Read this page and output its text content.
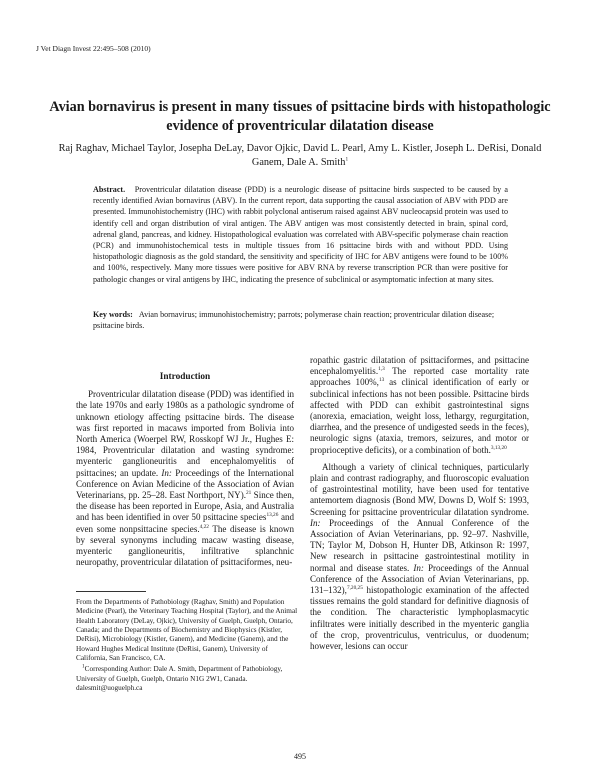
J Vet Diagn Invest 22:495–508 (2010)
Avian bornavirus is present in many tissues of psittacine birds with histopathologic evidence of proventricular dilatation disease
Raj Raghav, Michael Taylor, Josepha DeLay, Davor Ojkic, David L. Pearl, Amy L. Kistler, Joseph L. DeRisi, Donald Ganem, Dale A. Smith$^1$
Abstract. Proventricular dilatation disease (PDD) is a neurologic disease of psittacine birds suspected to be caused by a recently identified Avian bornavirus (ABV). In the current report, data supporting the causal association of ABV with PDD are presented. Immunohistochemistry (IHC) with rabbit polyclonal antiserum raised against ABV nucleocapsid protein was used to identify cell and organ distribution of viral antigen. The ABV antigen was most consistently detected in brain, spinal cord, adrenal gland, pancreas, and kidney. Histopathological evaluation was correlated with ABV-specific polymerase chain reaction (PCR) and immunohistochemical tests in multiple tissues from 16 psittacine birds with and without PDD. Using histopathologic diagnosis as the gold standard, the sensitivity and specificity of IHC for ABV antigens were found to be 100% and 100%, respectively. Many more tissues were positive for ABV RNA by reverse transcription PCR than were positive for pathologic changes or viral antigens by IHC, indicating the presence of subclinical or asymptomatic infection at many sites.
Key words: Avian bornavirus; immunohistochemistry; parrots; polymerase chain reaction; proventricular dilation disease; psittacine birds.

Introduction

Proventricular dilatation disease (PDD) was identified in the late 1970s and early 1980s as a pathologic syndrome of unknown etiology affecting psittacine birds. The disease was first reported in macaws imported from Bolivia into North America (Woerpel RW, Rosskopf WJ Jr., Hughes E: 1984, Proventricular dilatation and wasting syndrome: myenteric ganglioneuritis and encephalomyelitis of psittacines; an update. In: Proceedings of the International Conference on Avian Medicine of the Association of Avian Veterinarians, pp. 25–28. East Northport, NY).$^{21}$ Since then, the disease has been reported in Europe, Asia, and Australia and has been identified in over 50 psittacine species$^{13,26}$ and even some nonpsittacine species.$^{4,22}$ The disease is known by several synonyms including macaw wasting disease, myenteric ganglioneuritis, infiltrative splanchnic neuropathy, proventricular dilatation of psittaciformes, neu-

From the Departments of Pathobiology (Raghav, Smith) and Population Medicine (Pearl), the Veterinary Teaching Hospital (Taylor), and the Animal Health Laboratory (DeLay, Ojkic), University of Guelph, Guelph, Ontario, Canada; and the Departments of Biochemistry and Biophysics (Kistler, DeRisi), Microbiology (Kistler, Ganem), and Medicine (Ganem), and the Howard Hughes Medical Institute (DeRisi, Ganem), University of California, San Francisco, CA.

$^1$Corresponding Author: Dale A. Smith, Department of Pathobiology, University of Guelph, Guelph, Ontario N1G 2W1, Canada. dalesmit@uoguelph.ca

ropathic gastric dilatation of psittaciformes, and psittacine encephalomyelitis.$^{1,3}$ The reported case mortality rate approaches 100%,$^{13}$ as clinical identification of early or subclinical infections has not been possible. Psittacine birds affected with PDD can exhibit gastrointestinal signs (anorexia, emaciation, weight loss, lethargy, regurgitation, diarrhea, and the presence of undigested seeds in the feces), neurologic signs (ataxia, tremors, seizures, and motor or proprioceptive deficits), or a combination of both.$^{3,13,20}$

Although a variety of clinical techniques, particularly plain and contrast radiography, and fluoroscopic evaluation of gastrointestinal motility, have been used for tentative antemortem diagnosis (Bond MW, Downs D, Wolf S: 1993, Screening for psittacine proventricular dilatation syndrome. In: Proceedings of the Annual Conference of the Association of Avian Veterinarians, pp. 92–97. Nashville, TN; Taylor M, Dobson H, Hunter DB, Atkinson R: 1997, New research in psittacine gastrointestinal motility in normal and disease states. In: Proceedings of the Annual Conference of the Association of Avian Veterinarians, pp. 131–132),$^{7,20,25}$ histopathologic examination of the affected tissues remains the gold standard for definitive diagnosis of the condition. The characteristic lymphoplasmacytic infiltrates were initially described in the myenteric ganglia of the crop, proventriculus, ventriculus, or duodenum; however, lesions can occur

495
